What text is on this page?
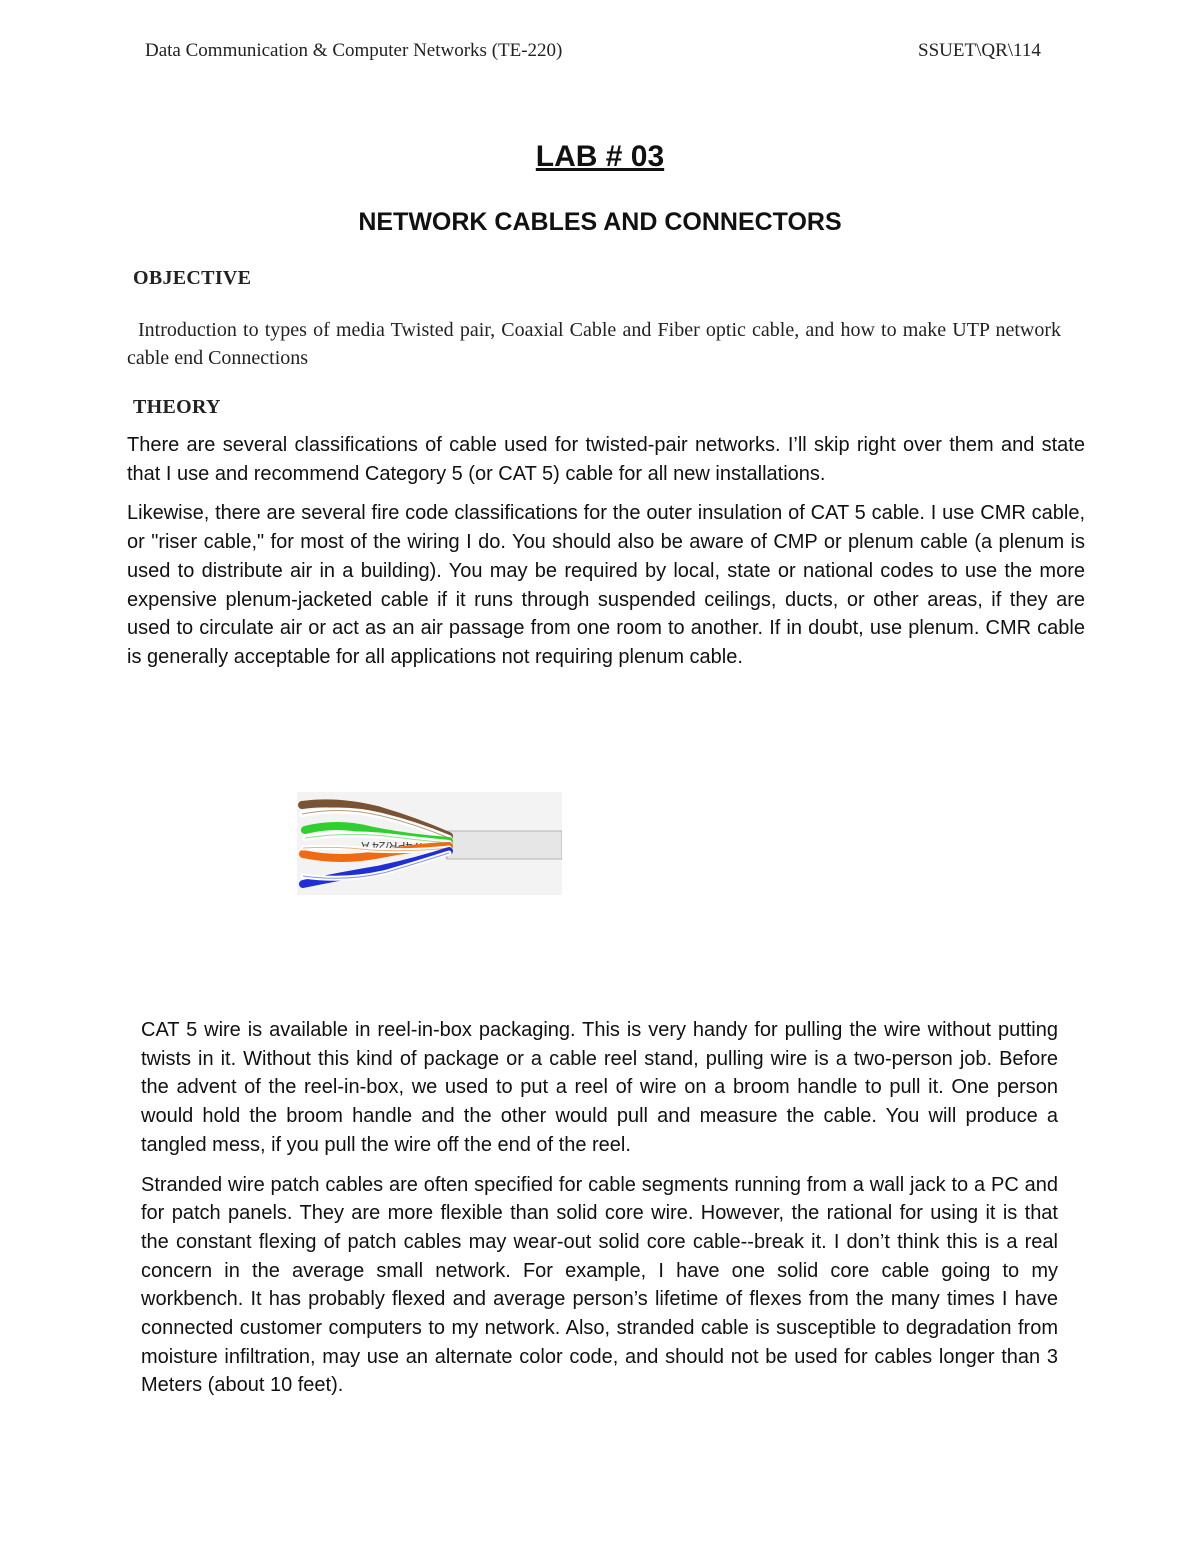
Data Communication & Computer Networks (TE-220)	SSUET\QR\114
LAB # 03
NETWORK CABLES AND CONNECTORS
OBJECTIVE
Introduction to types of media Twisted pair, Coaxial Cable and Fiber optic cable, and how to make UTP network cable end Connections
THEORY

There are several classifications of cable used for twisted-pair networks. I’ll skip right over them and state that I use and recommend Category 5 (or CAT 5) cable for all new installations.

Likewise, there are several fire code classifications for the outer insulation of CAT 5 cable. I use CMR cable, or "riser cable," for most of the wiring I do. You should also be aware of CMP or plenum cable (a plenum is used to distribute air in a building). You may be required by local, state or national codes to use the more expensive plenum-jacketed cable if it runs through suspended ceilings, ducts, or other areas, if they are used to circulate air or act as an air passage from one room to another. If in doubt, use plenum. CMR cable is generally acceptable for all applications not requiring plenum cable.

ORY 5 4PR/24 A

CAT 5 wire is available in reel-in-box packaging. This is very handy for pulling the wire without putting twists in it. Without this kind of package or a cable reel stand, pulling wire is a two-person job. Before the advent of the reel-in-box, we used to put a reel of wire on a broom handle to pull it. One person would hold the broom handle and the other would pull and measure the cable. You will produce a tangled mess, if you pull the wire off the end of the reel.

Stranded wire patch cables are often specified for cable segments running from a wall jack to a PC and for patch panels. They are more flexible than solid core wire. However, the rational for using it is that the constant flexing of patch cables may wear-out solid core cable--break it. I don’t think this is a real concern in the average small network. For example, I have one solid core cable going to my workbench. It has probably flexed and average person’s lifetime of flexes from the many times I have connected customer computers to my network. Also, stranded cable is susceptible to degradation from moisture infiltration, may use an alternate color code, and should not be used for cables longer than 3 Meters (about 10 feet).
